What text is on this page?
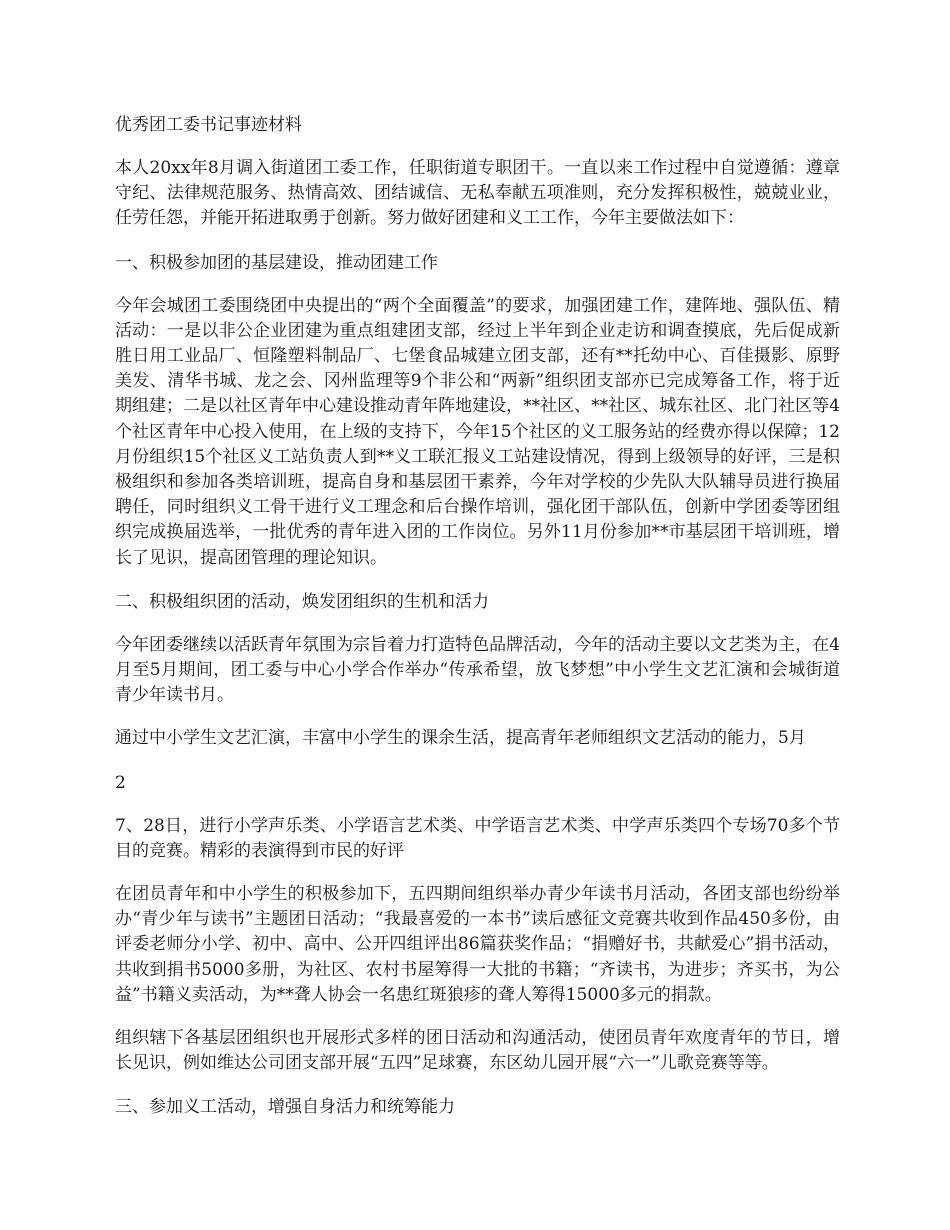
优秀团工委书记事迹材料

本人20xx年8月调入街道团工委工作，任职街道专职团干。一直以来工作过程中自觉遵循：遵章守纪、法律规范服务、热情高效、团结诚信、无私奉献五项准则，充分发挥积极性，兢兢业业，任劳任怨，并能开拓进取勇于创新。努力做好团建和义工工作，今年主要做法如下：

一、积极参加团的基层建设，推动团建工作

今年会城团工委围绕团中央提出的“两个全面覆盖”的要求，加强团建工作，建阵地、强队伍、精活动：一是以非公企业团建为重点组建团支部，经过上半年到企业走访和调查摸底，先后促成新胜日用工业品厂、恒隆塑料制品厂、七堡食品城建立团支部，还有**托幼中心、百佳摄影、原野美发、清华书城、龙之会、冈州监理等9个非公和“两新”组织团支部亦已完成筹备工作，将于近期组建；二是以社区青年中心建设推动青年阵地建设，**社区、**社区、城东社区、北门社区等4个社区青年中心投入使用，在上级的支持下，今年15个社区的义工服务站的经费亦得以保障；12月份组织15个社区义工站负责人到**义工联汇报义工站建设情况，得到上级领导的好评，三是积极组织和参加各类培训班，提高自身和基层团干素养，今年对学校的少先队大队辅导员进行换届聘任，同时组织义工骨干进行义工理念和后台操作培训，强化团干部队伍，创新中学团委等团组织完成换届选举，一批优秀的青年进入团的工作岗位。另外11月份参加**市基层团干培训班，增长了见识，提高团管理的理论知识。

二、积极组织团的活动，焕发团组织的生机和活力

今年团委继续以活跃青年氛围为宗旨着力打造特色品牌活动，今年的活动主要以文艺类为主，在4月至5月期间，团工委与中心小学合作举办“传承希望，放飞梦想”中小学生文艺汇演和会城街道青少年读书月。

通过中小学生文艺汇演，丰富中小学生的课余生活，提高青年老师组织文艺活动的能力，5月

2

7、28日，进行小学声乐类、小学语言艺术类、中学语言艺术类、中学声乐类四个专场70多个节目的竞赛。精彩的表演得到市民的好评

在团员青年和中小学生的积极参加下，五四期间组织举办青少年读书月活动，各团支部也纷纷举办“青少年与读书”主题团日活动；“我最喜爱的一本书”读后感征文竞赛共收到作品450多份，由评委老师分小学、初中、高中、公开四组评出86篇获奖作品；“捐赠好书，共献爱心”捐书活动，共收到捐书5000多册，为社区、农村书屋筹得一大批的书籍；“齐读书，为进步；齐买书，为公益”书籍义卖活动，为**聋人协会一名患红斑狼疹的聋人筹得15000多元的捐款。

组织辖下各基层团组织也开展形式多样的团日活动和沟通活动，使团员青年欢度青年的节日，增长见识，例如维达公司团支部开展“五四”足球赛，东区幼儿园开展“六一”儿歌竞赛等等。

三、参加义工活动，增强自身活力和统筹能力
